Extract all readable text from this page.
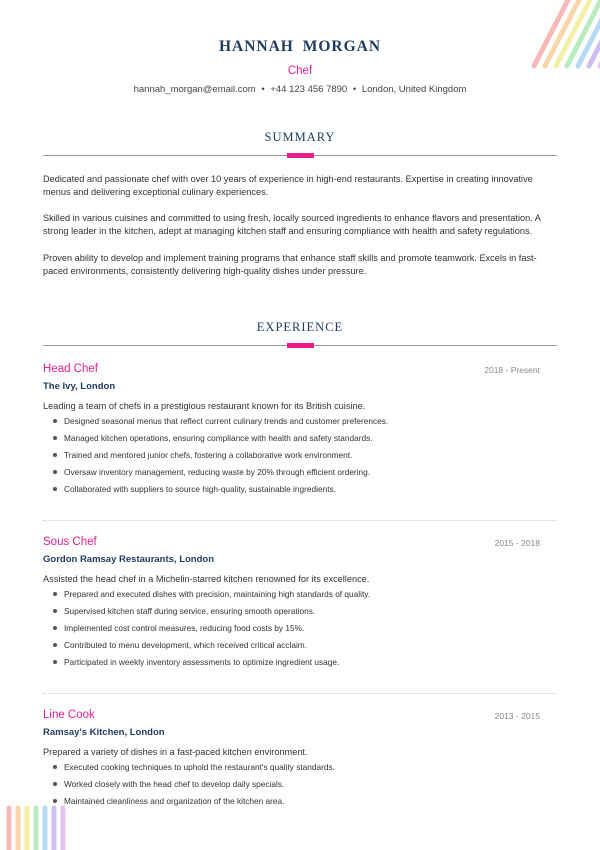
HANNAH MORGAN
Chef
hannah_morgan@email.com • +44 123 456 7890 • London, United Kingdom
SUMMARY

Dedicated and passionate chef with over 10 years of experience in high-end restaurants. Expertise in creating innovative menus and delivering exceptional culinary experiences.

Skilled in various cuisines and committed to using fresh, locally sourced ingredients to enhance flavors and presentation. A strong leader in the kitchen, adept at managing kitchen staff and ensuring compliance with health and safety regulations.

Proven ability to develop and implement training programs that enhance staff skills and promote teamwork. Excels in fast-paced environments, consistently delivering high-quality dishes under pressure.

EXPERIENCE
Head Chef	2018 - Present
The Ivy, London
Leading a team of chefs in a prestigious restaurant known for its British cuisine.
Designed seasonal menus that reflect current culinary trends and customer preferences.
Managed kitchen operations, ensuring compliance with health and safety standards.
Trained and mentored junior chefs, fostering a collaborative work environment.
Oversaw inventory management, reducing waste by 20% through efficient ordering.
Collaborated with suppliers to source high-quality, sustainable ingredients.
Sous Chef	2015 - 2018
Gordon Ramsay Restaurants, London
Assisted the head chef in a Michelin-starred kitchen renowned for its excellence.
Prepared and executed dishes with precision, maintaining high standards of quality.
Supervised kitchen staff during service, ensuring smooth operations.
Implemented cost control measures, reducing food costs by 15%.
Contributed to menu development, which received critical acclaim.
Participated in weekly inventory assessments to optimize ingredient usage.
Line Cook	2013 - 2015
Ramsay's Kitchen, London
Prepared a variety of dishes in a fast-paced kitchen environment.
Executed cooking techniques to uphold the restaurant's quality standards.
Worked closely with the head chef to develop daily specials.
Maintained cleanliness and organization of the kitchen area.
